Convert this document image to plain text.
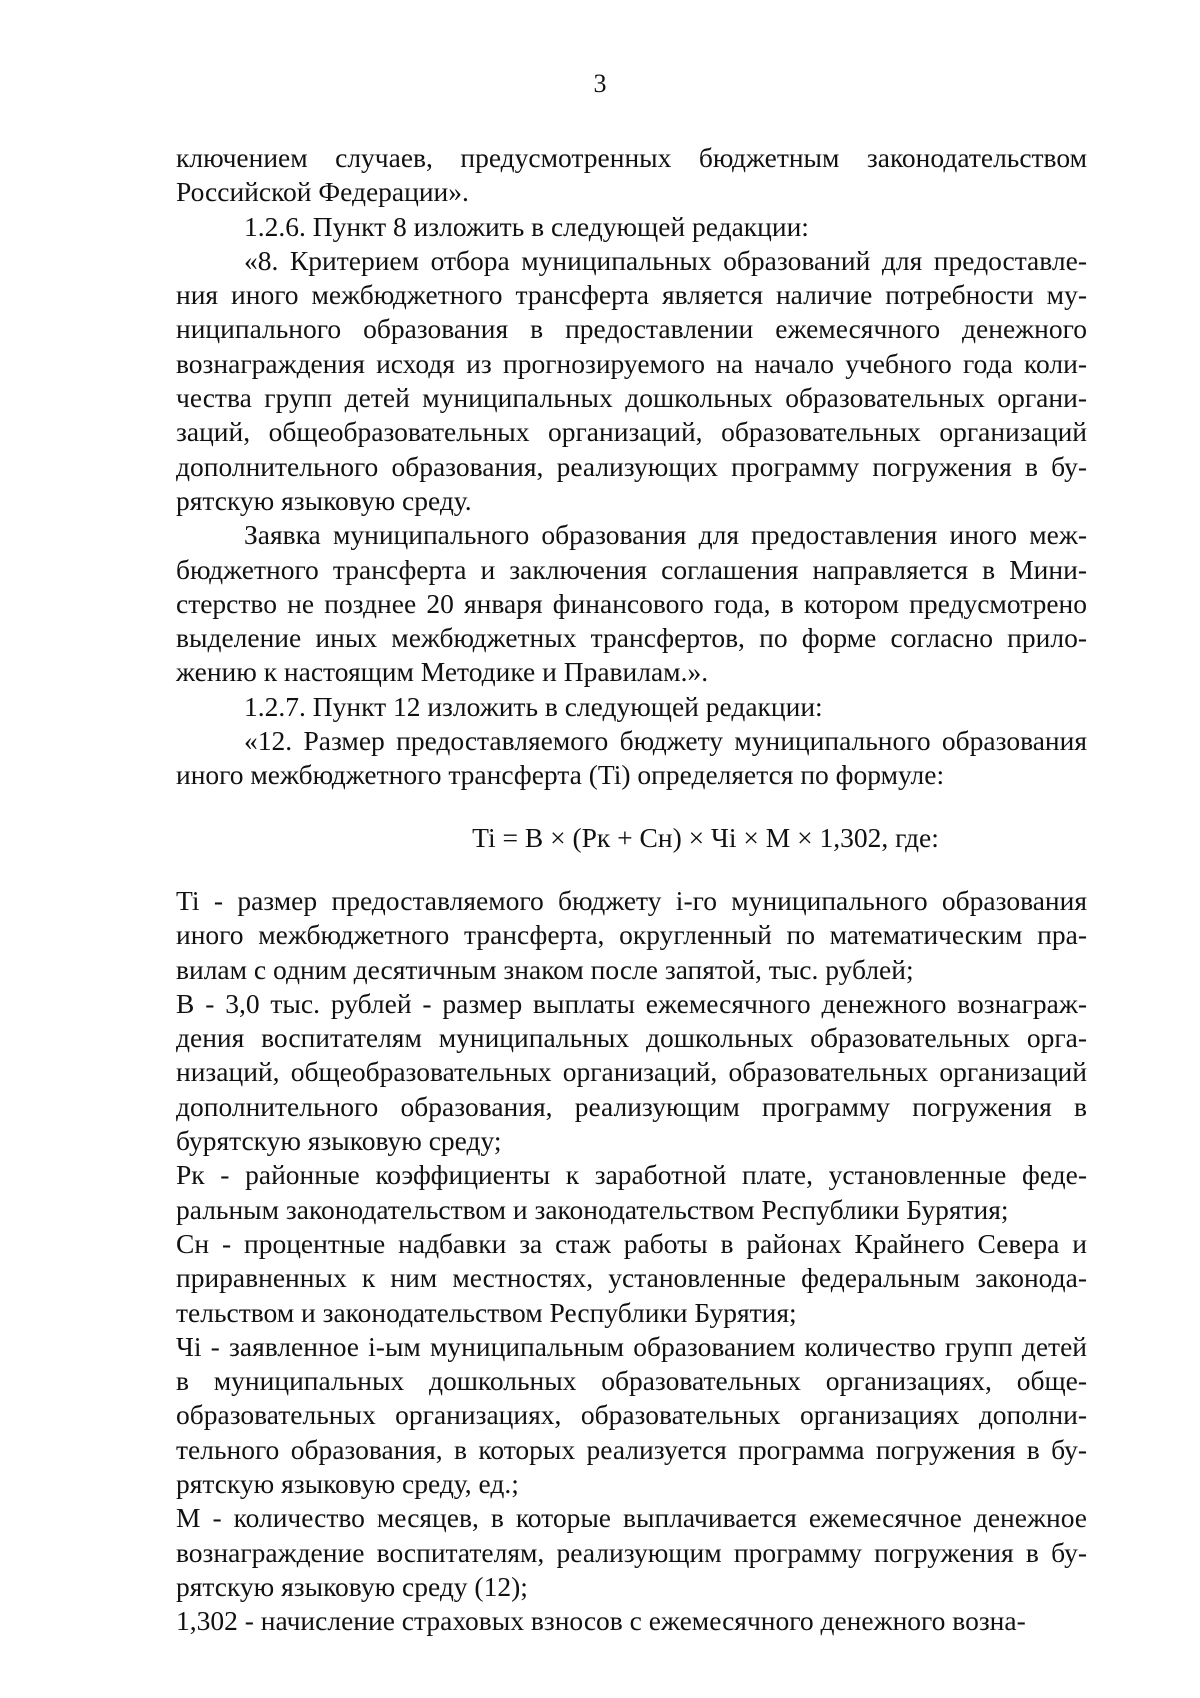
3

ключением случаев, предусмотренных бюджетным законодательством Российской Федерации».

1.2.6. Пункт 8 изложить в следующей редакции:

«8. Критерием отбора муниципальных образований для предоставления иного межбюджетного трансферта является наличие потребности муниципального образования в предоставлении ежемесячного денежного вознаграждения исходя из прогнозируемого на начало учебного года количества групп детей муниципальных дошкольных образовательных организаций, общеобразовательных организаций, образовательных организаций дополнительного образования, реализующих программу погружения в бурятскую языковую среду.

Заявка муниципального образования для предоставления иного межбюджетного трансферта и заключения соглашения направляется в Министерство не позднее 20 января финансового года, в котором предусмотрено выделение иных межбюджетных трансфертов, по форме согласно приложению к настоящим Методике и Правилам.».

1.2.7. Пункт 12 изложить в следующей редакции:

«12. Размер предоставляемого бюджету муниципального образования иного межбюджетного трансферта (Ti) определяется по формуле:

Ti = B × (Рк + Сн) × Чi × M × 1,302, где:

Ti - размер предоставляемого бюджету i-го муниципального образования иного межбюджетного трансферта, округленный по математическим правилам с одним десятичным знаком после запятой, тыс. рублей;

B - 3,0 тыс. рублей - размер выплаты ежемесячного денежного вознаграждения воспитателям муниципальных дошкольных образовательных организаций, общеобразовательных организаций, образовательных организаций дополнительного образования, реализующим программу погружения в бурятскую языковую среду;

Рк - районные коэффициенты к заработной плате, установленные федеральным законодательством и законодательством Республики Бурятия;

Сн - процентные надбавки за стаж работы в районах Крайнего Севера и приравненных к ним местностях, установленные федеральным законодательством и законодательством Республики Бурятия;

Чi - заявленное i-ым муниципальным образованием количество групп детей в муниципальных дошкольных образовательных организациях, общеобразовательных организациях, образовательных организациях дополнительного образования, в которых реализуется программа погружения в бурятскую языковую среду, ед.;

M - количество месяцев, в которые выплачивается ежемесячное денежное вознаграждение воспитателям, реализующим программу погружения в бурятскую языковую среду (12);

1,302 - начисление страховых взносов с ежемесячного денежного возна-
